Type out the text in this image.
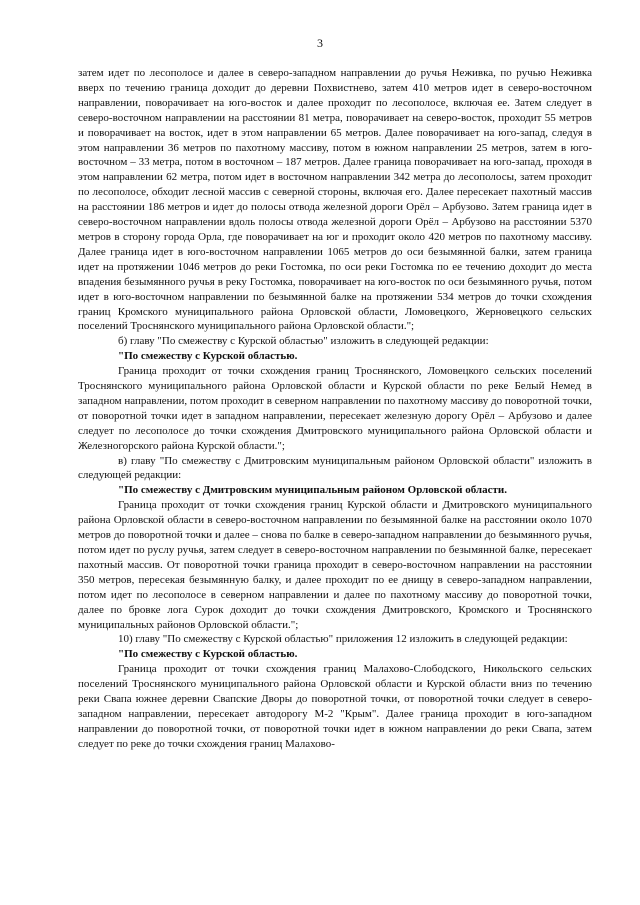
3

затем идет по лесополосе и далее в северо-западном направлении до ручья Неживка, по ручью Неживка вверх по течению граница доходит до деревни Похвистнево, затем 410 метров идет в северо-восточном направлении, поворачивает на юго-восток и далее проходит по лесополосе, включая ее. Затем следует в северо-восточном направлении на расстоянии 81 метра, поворачивает на северо-восток, проходит 55 метров и поворачивает на восток, идет в этом направлении 65 метров. Далее поворачивает на юго-запад, следуя в этом направлении 36 метров по пахотному массиву, потом в южном направлении 25 метров, затем в юго-восточном – 33 метра, потом в восточном – 187 метров. Далее граница поворачивает на юго-запад, проходя в этом направлении 62 метра, потом идет в восточном направлении 342 метра до лесополосы, затем проходит по лесополосе, обходит лесной массив с северной стороны, включая его. Далее пересекает пахотный массив на расстоянии 186 метров и идет до полосы отвода железной дороги Орёл – Арбузово. Затем граница идет в северо-восточном направлении вдоль полосы отвода железной дороги Орёл – Арбузово на расстоянии 5370 метров в сторону города Орла, где поворачивает на юг и проходит около 420 метров по пахотному массиву. Далее граница идет в юго-восточном направлении 1065 метров до оси безымянной балки, затем граница идет на протяжении 1046 метров до реки Гостомка, по оси реки Гостомка по ее течению доходит до места впадения безымянного ручья в реку Гостомка, поворачивает на юго-восток по оси безымянного ручья, потом идет в юго-восточном направлении по безымянной балке на протяжении 534 метров до точки схождения границ Кромского муниципального района Орловской области, Ломовецкого, Жерновецкого сельских поселений Троснянского муниципального района Орловской области.";

б) главу "По смежеству с Курской областью" изложить в следующей редакции:

"По смежеству с Курской областью.

Граница проходит от точки схождения границ Троснянского, Ломовецкого сельских поселений Троснянского муниципального района Орловской области и Курской области по реке Белый Немед в западном направлении, потом проходит в северном направлении по пахотному массиву до поворотной точки, от поворотной точки идет в западном направлении, пересекает железную дорогу Орёл – Арбузово и далее следует по лесополосе до точки схождения Дмитровского муниципального района Орловской области и Железногорского района Курской области.";

в) главу "По смежеству с Дмитровским муниципальным районом Орловской области" изложить в следующей редакции:

"По смежеству с Дмитровским муниципальным районом Орловской области.

Граница проходит от точки схождения границ Курской области и Дмитровского муниципального района Орловской области в северо-восточном направлении по безымянной балке на расстоянии около 1070 метров до поворотной точки и далее – снова по балке в северо-западном направлении до безымянного ручья, потом идет по руслу ручья, затем следует в северо-восточном направлении по безымянной балке, пересекает пахотный массив. От поворотной точки граница проходит в северо-восточном направлении на расстоянии 350 метров, пересекая безымянную балку, и далее проходит по ее днищу в северо-западном направлении, потом идет по лесополосе в северном направлении и далее по пахотному массиву до поворотной точки, далее по бровке лога Сурок доходит до точки схождения Дмитровского, Кромского и Троснянского муниципальных районов Орловской области.";

10) главу "По смежеству с Курской областью" приложения 12 изложить в следующей редакции:

"По смежеству с Курской областью.

Граница проходит от точки схождения границ Малахово-Слободского, Никольского сельских поселений Троснянского муниципального района Орловской области и Курской области вниз по течению реки Свапа южнее деревни Свапские Дворы до поворотной точки, от поворотной точки следует в северо-западном направлении, пересекает автодорогу М-2 "Крым". Далее граница проходит в юго-западном направлении до поворотной точки, от поворотной точки идет в южном направлении до реки Свапа, затем следует по реке до точки схождения границ Малахово-
